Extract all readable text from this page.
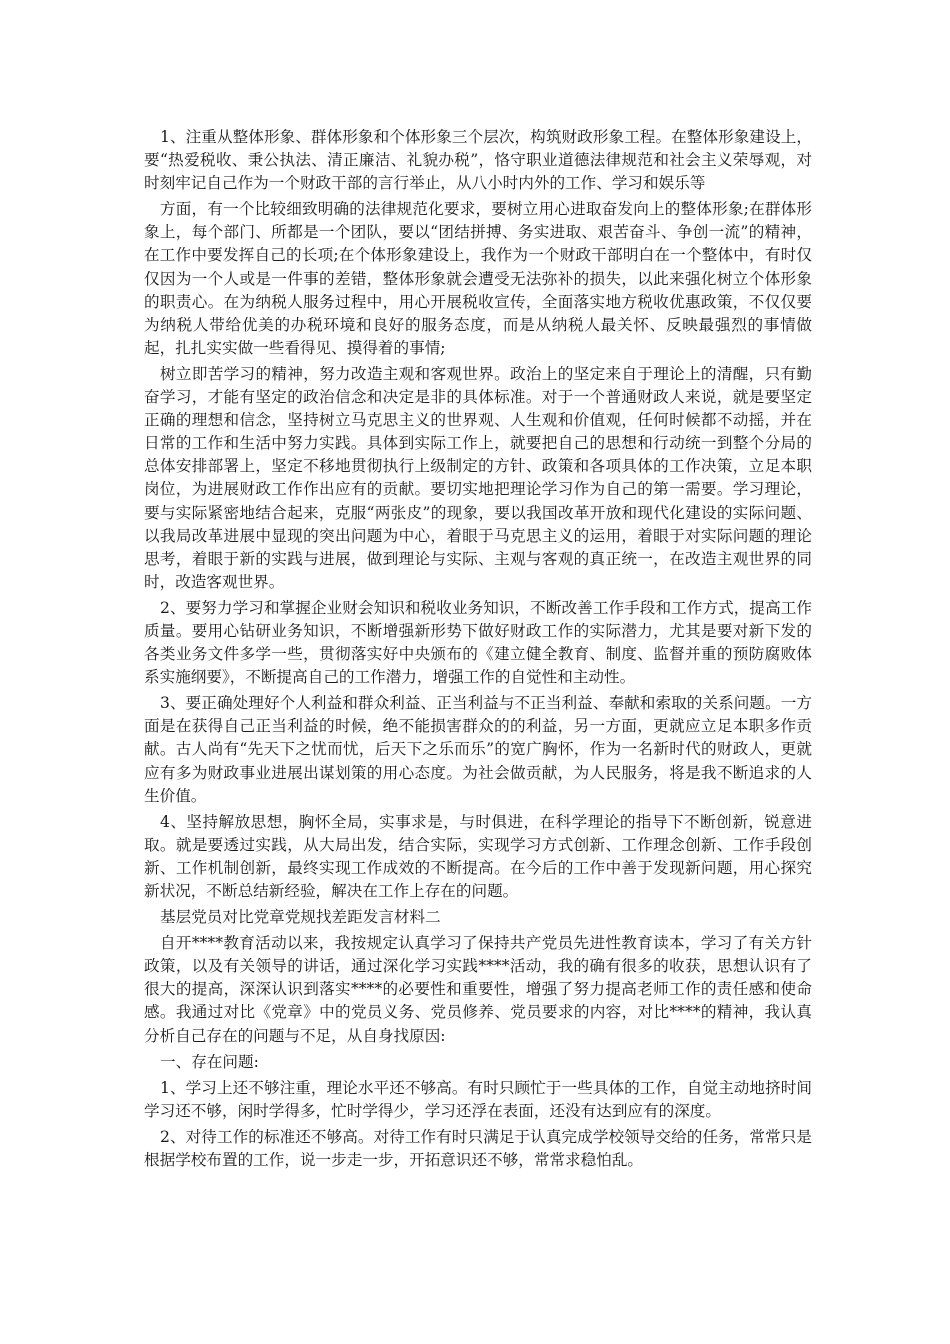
1、注重从整体形象、群体形象和个体形象三个层次，构筑财政形象工程。在整体形象建设上，要“热爱税收、秉公执法、清正廉洁、礼貌办税”，恪守职业道德法律规范和社会主义荣辱观，对时刻牢记自己作为一个财政干部的言行举止，从八小时内外的工作、学习和娱乐等

方面，有一个比较细致明确的法律规范化要求，要树立用心进取奋发向上的整体形象;在群体形象上，每个部门、所都是一个团队，要以“团结拼搏、务实进取、艰苦奋斗、争创一流”的精神，在工作中要发挥自己的长项;在个体形象建设上，我作为一个财政干部明白在一个整体中，有时仅仅因为一个人或是一件事的差错，整体形象就会遭受无法弥补的损失，以此来强化树立个体形象的职责心。在为纳税人服务过程中，用心开展税收宣传，全面落实地方税收优惠政策，不仅仅要为纳税人带给优美的办税环境和良好的服务态度，而是从纳税人最关怀、反映最强烈的事情做起，扎扎实实做一些看得见、摸得着的事情;

树立即苦学习的精神，努力改造主观和客观世界。政治上的坚定来自于理论上的清醒，只有勤奋学习，才能有坚定的政治信念和决定是非的具体标准。对于一个普通财政人来说，就是要坚定正确的理想和信念，坚持树立马克思主义的世界观、人生观和价值观，任何时候都不动摇，并在日常的工作和生活中努力实践。具体到实际工作上，就要把自己的思想和行动统一到整个分局的总体安排部署上，坚定不移地贯彻执行上级制定的方针、政策和各项具体的工作决策，立足本职岗位，为进展财政工作作出应有的贡献。要切实地把理论学习作为自己的第一需要。学习理论，要与实际紧密地结合起来，克服“两张皮”的现象，要以我国改革开放和现代化建设的实际问题、以我局改革进展中显现的突出问题为中心，着眼于马克思主义的运用，着眼于对实际问题的理论思考，着眼于新的实践与进展，做到理论与实际、主观与客观的真正统一，在改造主观世界的同时，改造客观世界。

2、要努力学习和掌握企业财会知识和税收业务知识，不断改善工作手段和工作方式，提高工作质量。要用心钻研业务知识，不断增强新形势下做好财政工作的实际潜力，尤其是要对新下发的各类业务文件多学一些，贯彻落实好中央颁布的《建立健全教育、制度、监督并重的预防腐败体系实施纲要》，不断提高自己的工作潜力，增强工作的自觉性和主动性。

3、要正确处理好个人利益和群众利益、正当利益与不正当利益、奉献和索取的关系问题。一方面是在获得自己正当利益的时候，绝不能损害群众的的利益，另一方面，更就应立足本职多作贡献。古人尚有“先天下之忧而忧，后天下之乐而乐”的宽广胸怀，作为一名新时代的财政人，更就应有多为财政事业进展出谋划策的用心态度。为社会做贡献，为人民服务，将是我不断追求的人生价值。

4、坚持解放思想，胸怀全局，实事求是，与时俱进，在科学理论的指导下不断创新，锐意进取。就是要透过实践，从大局出发，结合实际，实现学习方式创新、工作理念创新、工作手段创新、工作机制创新，最终实现工作成效的不断提高。在今后的工作中善于发现新问题，用心探究新状况，不断总结新经验，解决在工作上存在的问题。

基层党员对比党章党规找差距发言材料二

自开****教育活动以来，我按规定认真学习了保持共产党员先进性教育读本，学习了有关方针政策，以及有关领导的讲话，通过深化学习实践****活动，我的确有很多的收获，思想认识有了很大的提高，深深认识到落实****的必要性和重要性，增强了努力提高老师工作的责任感和使命感。我通过对比《党章》中的党员义务、党员修养、党员要求的内容，对比****的精神，我认真分析自己存在的问题与不足，从自身找原因:

一、存在问题:

1、学习上还不够注重，理论水平还不够高。有时只顾忙于一些具体的工作，自觉主动地挤时间学习还不够，闲时学得多，忙时学得少，学习还浮在表面，还没有达到应有的深度。

2、对待工作的标准还不够高。对待工作有时只满足于认真完成学校领导交给的任务，常常只是根据学校布置的工作，说一步走一步，开拓意识还不够，常常求稳怕乱。
